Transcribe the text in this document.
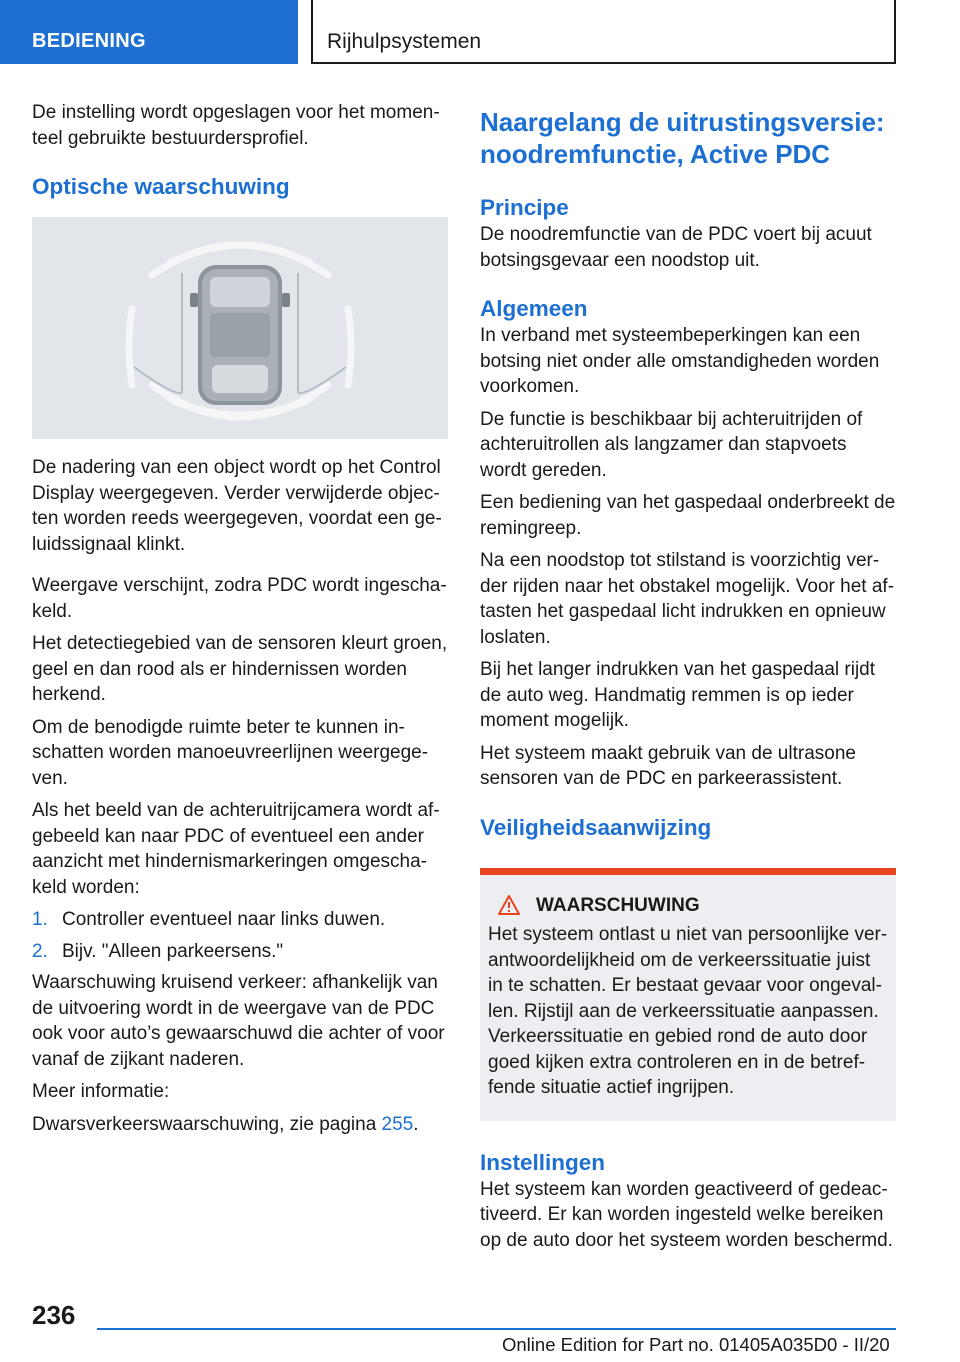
BEDIENING	Rijhulpsystemen

De instelling wordt opgeslagen voor het momenteel gebruikte bestuurdersprofiel.

Optische waarschuwing

De nadering van een object wordt op het Control Display weergegeven. Verder verwijderde objecten worden reeds weergegeven, voordat een geluidssignaal klinkt.

Weergave verschijnt, zodra PDC wordt ingeschakeld.

Het detectiegebied van de sensoren kleurt groen, geel en dan rood als er hindernissen worden herkend.

Om de benodigde ruimte beter te kunnen inschatten worden manoeuvreerlijnen weergegeven.

Als het beeld van de achteruitrijcamera wordt afgebeeld kan naar PDC of eventueel een ander aanzicht met hindernismarkeringen omgeschakeld worden:

1. Controller eventueel naar links duwen.
2. Bijv. "Alleen parkeersens."

Waarschuwing kruisend verkeer: afhankelijk van de uitvoering wordt in de weergave van de PDC ook voor auto’s gewaarschuwd die achter of voor vanaf de zijkant naderen.

Meer informatie:

Dwarsverkeerswaarschuwing, zie pagina 255.

Naargelang de uitrustingsversie: noodremfunctie, Active PDC
Principe

De noodremfunctie van de PDC voert bij acuut botsingsgevaar een noodstop uit.

Algemeen

In verband met systeembeperkingen kan een botsing niet onder alle omstandigheden worden voorkomen.

De functie is beschikbaar bij achteruitrijden of achteruitrollen als langzamer dan stapvoets wordt gereden.

Een bediening van het gaspedaal onderbreekt de remingreep.

Na een noodstop tot stilstand is voorzichtig verder rijden naar het obstakel mogelijk. Voor het aftasten het gaspedaal licht indrukken en opnieuw loslaten.

Bij het langer indrukken van het gaspedaal rijdt de auto weg. Handmatig remmen is op ieder moment mogelijk.

Het systeem maakt gebruik van de ultrasone sensoren van de PDC en parkeerassistent.

Veiligheidsaanwijzing
WAARSCHUWING

Het systeem ontlast u niet van persoonlijke verantwoordelijkheid om de verkeerssituatie juist in te schatten. Er bestaat gevaar voor ongevallen. Rijstijl aan de verkeerssituatie aanpassen. Verkeerssituatie en gebied rond de auto door goed kijken extra controleren en in de betreffende situatie actief ingrijpen.

Instellingen

Het systeem kan worden geactiveerd of gedeactiveerd. Er kan worden ingesteld welke bereiken op de auto door het systeem worden beschermd.

236
Online Edition for Part no. 01405A035D0 - II/20
